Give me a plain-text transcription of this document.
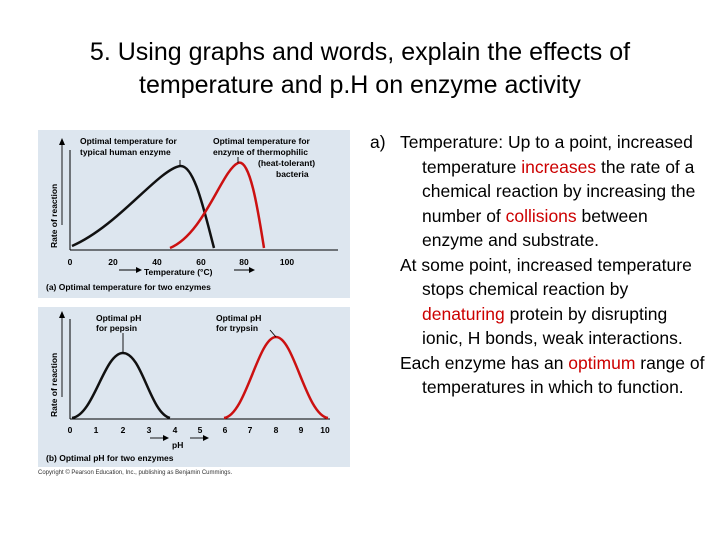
5. Using graphs and words, explain the effects of
temperature and p.H on enzyme activity
Rate of reaction
Optimal temperature for
typical human enzyme
Optimal temperature for
enzyme of thermophilic
(heat-tolerant)
bacteria
0	20	40	60	80	100
Temperature (°C)
(a) Optimal temperature for two enzymes
Rate of reaction
Optimal pH
for pepsin
Optimal pH
for trypsin
0	1	2	3	4 5 6 7	8 9 10
pH
(b) Optimal pH for two enzymes
Copyright © Pearson Education, Inc., publishing as Benjamin Cummings.
a) Temperature: Up to a point, increased temperature increases the rate of a chemical reaction by increasing the number of collisions between enzyme and substrate.
At some point, increased temperature stops chemical reaction by denaturing protein by disrupting ionic, H bonds, weak interactions.
Each enzyme has an optimum range of temperatures in which to function.
